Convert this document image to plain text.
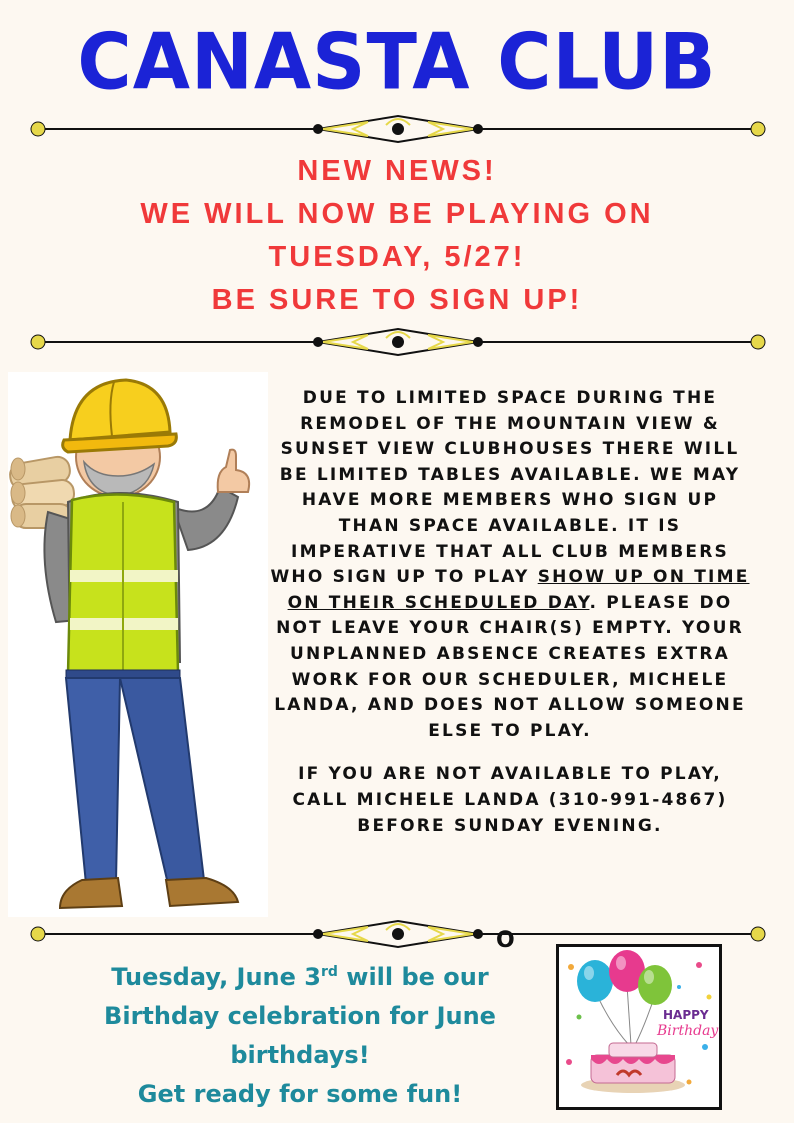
CANASTA CLUB
NEW NEWS!
WE WILL NOW BE PLAYING ON
TUESDAY, 5/27!
BE SURE TO SIGN UP!

DUE TO LIMITED SPACE DURING THE REMODEL OF THE MOUNTAIN VIEW & SUNSET VIEW CLUBHOUSES THERE WILL BE LIMITED TABLES AVAILABLE. WE MAY HAVE MORE MEMBERS WHO SIGN UP THAN SPACE AVAILABLE. IT IS IMPERATIVE THAT ALL CLUB MEMBERS WHO SIGN UP TO PLAY SHOW UP ON TIME ON THEIR SCHEDULED DAY. PLEASE DO NOT LEAVE YOUR CHAIR(S) EMPTY. YOUR UNPLANNED ABSENCE CREATES EXTRA WORK FOR OUR SCHEDULER, MICHELE LANDA, AND DOES NOT ALLOW SOMEONE ELSE TO PLAY.

IF YOU ARE NOT AVAILABLE TO PLAY, CALL MICHELE LANDA (310-991-4867) BEFORE SUNDAY EVENING.

O
Tuesday, June 3rd will be our
Birthday celebration for June
birthdays!
Get ready for some fun!
HAPPY
Birthday
